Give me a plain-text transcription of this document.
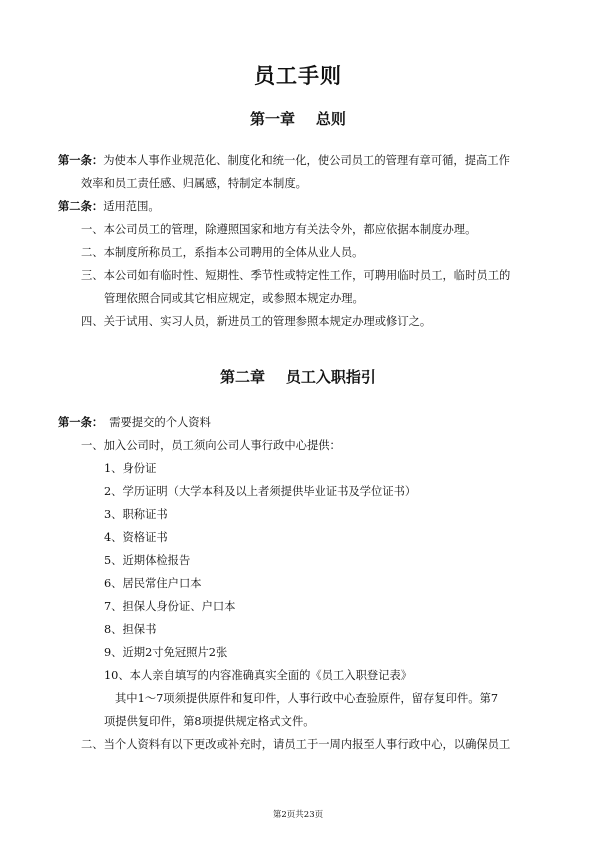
员工手则
第一章    总则
第一条：为使本人事作业规范化、制度化和统一化，使公司员工的管理有章可循，提高工作
效率和员工责任感、归属感，特制定本制度。
第二条：适用范围。
一、本公司员工的管理，除遵照国家和地方有关法令外，都应依据本制度办理。
二、本制度所称员工，系指本公司聘用的全体从业人员。
三、本公司如有临时性、短期性、季节性或特定性工作，可聘用临时员工，临时员工的
管理依照合同或其它相应规定，或参照本规定办理。
四、关于试用、实习人员，新进员工的管理参照本规定办理或修订之。
第二章    员工入职指引
第一条： 需要提交的个人资料
一、加入公司时，员工须向公司人事行政中心提供：
1、身份证
2、学历证明（大学本科及以上者须提供毕业证书及学位证书）
3、职称证书
4、资格证书
5、近期体检报告
6、居民常住户口本
7、担保人身份证、户口本
8、担保书
9、近期2寸免冠照片2张
10、本人亲自填写的内容准确真实全面的《员工入职登记表》
其中1～7项须提供原件和复印件，人事行政中心查验原件，留存复印件。第7
项提供复印件，第8项提供规定格式文件。
二、当个人资料有以下更改或补充时，请员工于一周内报至人事行政中心，以确保员工
第2页共23页
